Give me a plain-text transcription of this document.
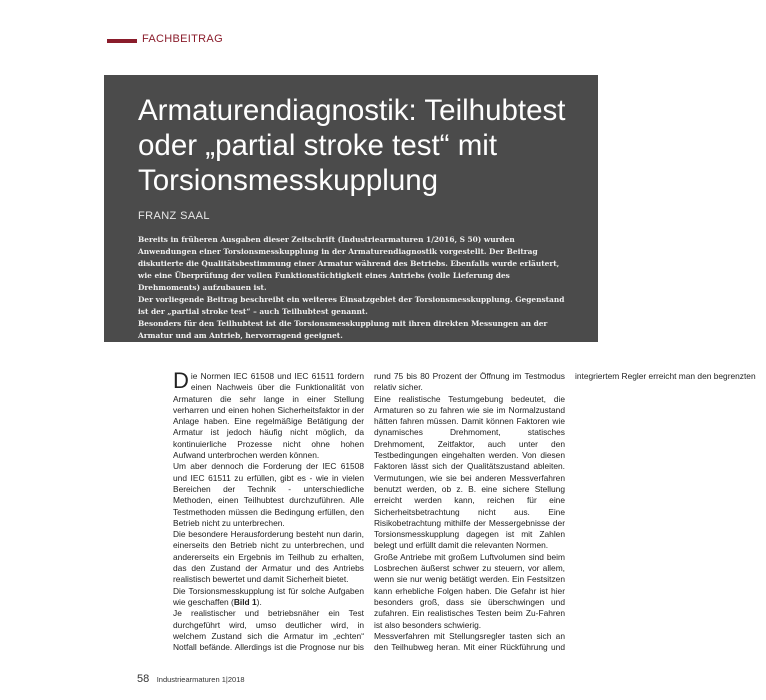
FACHBEITRAG
Armaturendiagnostik: Teilhubtest oder „partial stroke test“ mit Torsionsmesskupplung
FRANZ SAAL

Bereits in früheren Ausgaben dieser Zeitschrift (Industriearmaturen 1/2016, S 50) wurden Anwendungen einer Torsionsmesskupplung in der Armaturendiagnostik vorgestellt. Der Beitrag diskutierte die Qualitätsbestimmung einer Armatur während des Betriebs. Ebenfalls wurde erläutert, wie eine Überprüfung der vollen Funktionstüchtigkeit eines Antriebs (volle Lieferung des Drehmoments) aufzubauen ist.

Der vorliegende Beitrag beschreibt ein weiteres Einsatzgebiet der Torsionsmesskupplung. Gegenstand ist der „partial stroke test“ – auch Teilhubtest genannt.

Besonders für den Teilhubtest ist die Torsionsmesskupplung mit ihren direkten Messungen an der Armatur und am Antrieb, hervorragend geeignet.

Die Normen IEC 61508 und IEC 61511 fordern einen Nachweis über die Funktionalität von Armaturen die sehr lange in einer Stellung verharren und einen hohen Sicherheitsfaktor in der Anlage haben. Eine regelmäßige Betätigung der Armatur ist jedoch häufig nicht möglich, da kontinuierliche Prozesse nicht ohne hohen Aufwand unterbrochen werden können.

Um aber dennoch die Forderung der IEC 61508 und IEC 61511 zu erfüllen, gibt es - wie in vielen Bereichen der Technik - unterschiedliche Methoden, einen Teilhubtest durchzuführen. Alle Testmethoden müssen die Bedingung erfüllen, den Betrieb nicht zu unterbrechen.

Die besondere Herausforderung besteht nun darin, einerseits den Betrieb nicht zu unterbrechen, und andererseits ein Ergebnis im Teilhub zu erhalten, das den Zustand der Armatur und des Antriebs realistisch bewertet und damit Sicherheit bietet.

Die Torsionsmesskupplung ist für solche Aufgaben wie geschaffen (Bild 1).

Je realistischer und betriebsnäher ein Test durchgeführt wird, umso deutlicher wird, in welchem Zustand sich die Armatur im „echten“ Notfall befände. Allerdings ist die Prognose nur bis rund 75 bis 80 Prozent der Öffnung im Testmodus relativ sicher.

Eine realistische Testumgebung bedeutet, die Armaturen so zu fahren wie sie im Normalzustand hätten fahren müssen. Damit können Faktoren wie dynamisches Drehmoment, statisches Drehmoment, Zeitfaktor, auch unter den Testbedingungen eingehalten werden. Von diesen Faktoren lässt sich der Qualitätszustand ableiten. Vermutungen, wie sie bei anderen Messverfahren benutzt werden, ob z. B. eine sichere Stellung erreicht werden kann, reichen für eine Sicherheitsbetrachtung nicht aus. Eine Risikobetrachtung mithilfe der Messergebnisse der Torsionsmesskupplung dagegen ist mit Zahlen belegt und erfüllt damit die relevanten Normen.

Große Antriebe mit großem Luftvolumen sind beim Losbrechen äußerst schwer zu steuern, vor allem, wenn sie nur wenig betätigt werden. Ein Festsitzen kann erhebliche Folgen haben. Die Gefahr ist hier besonders groß, dass sie überschwingen und zufahren. Ein realistisches Testen beim Zu-Fahren ist also besonders schwierig.

Messverfahren mit Stellungsregler tasten sich an den Teilhubweg heran. Mit einer Rückführung und integriertem Regler erreicht man den begrenzten

58 Industriearmaturen 1|2018
